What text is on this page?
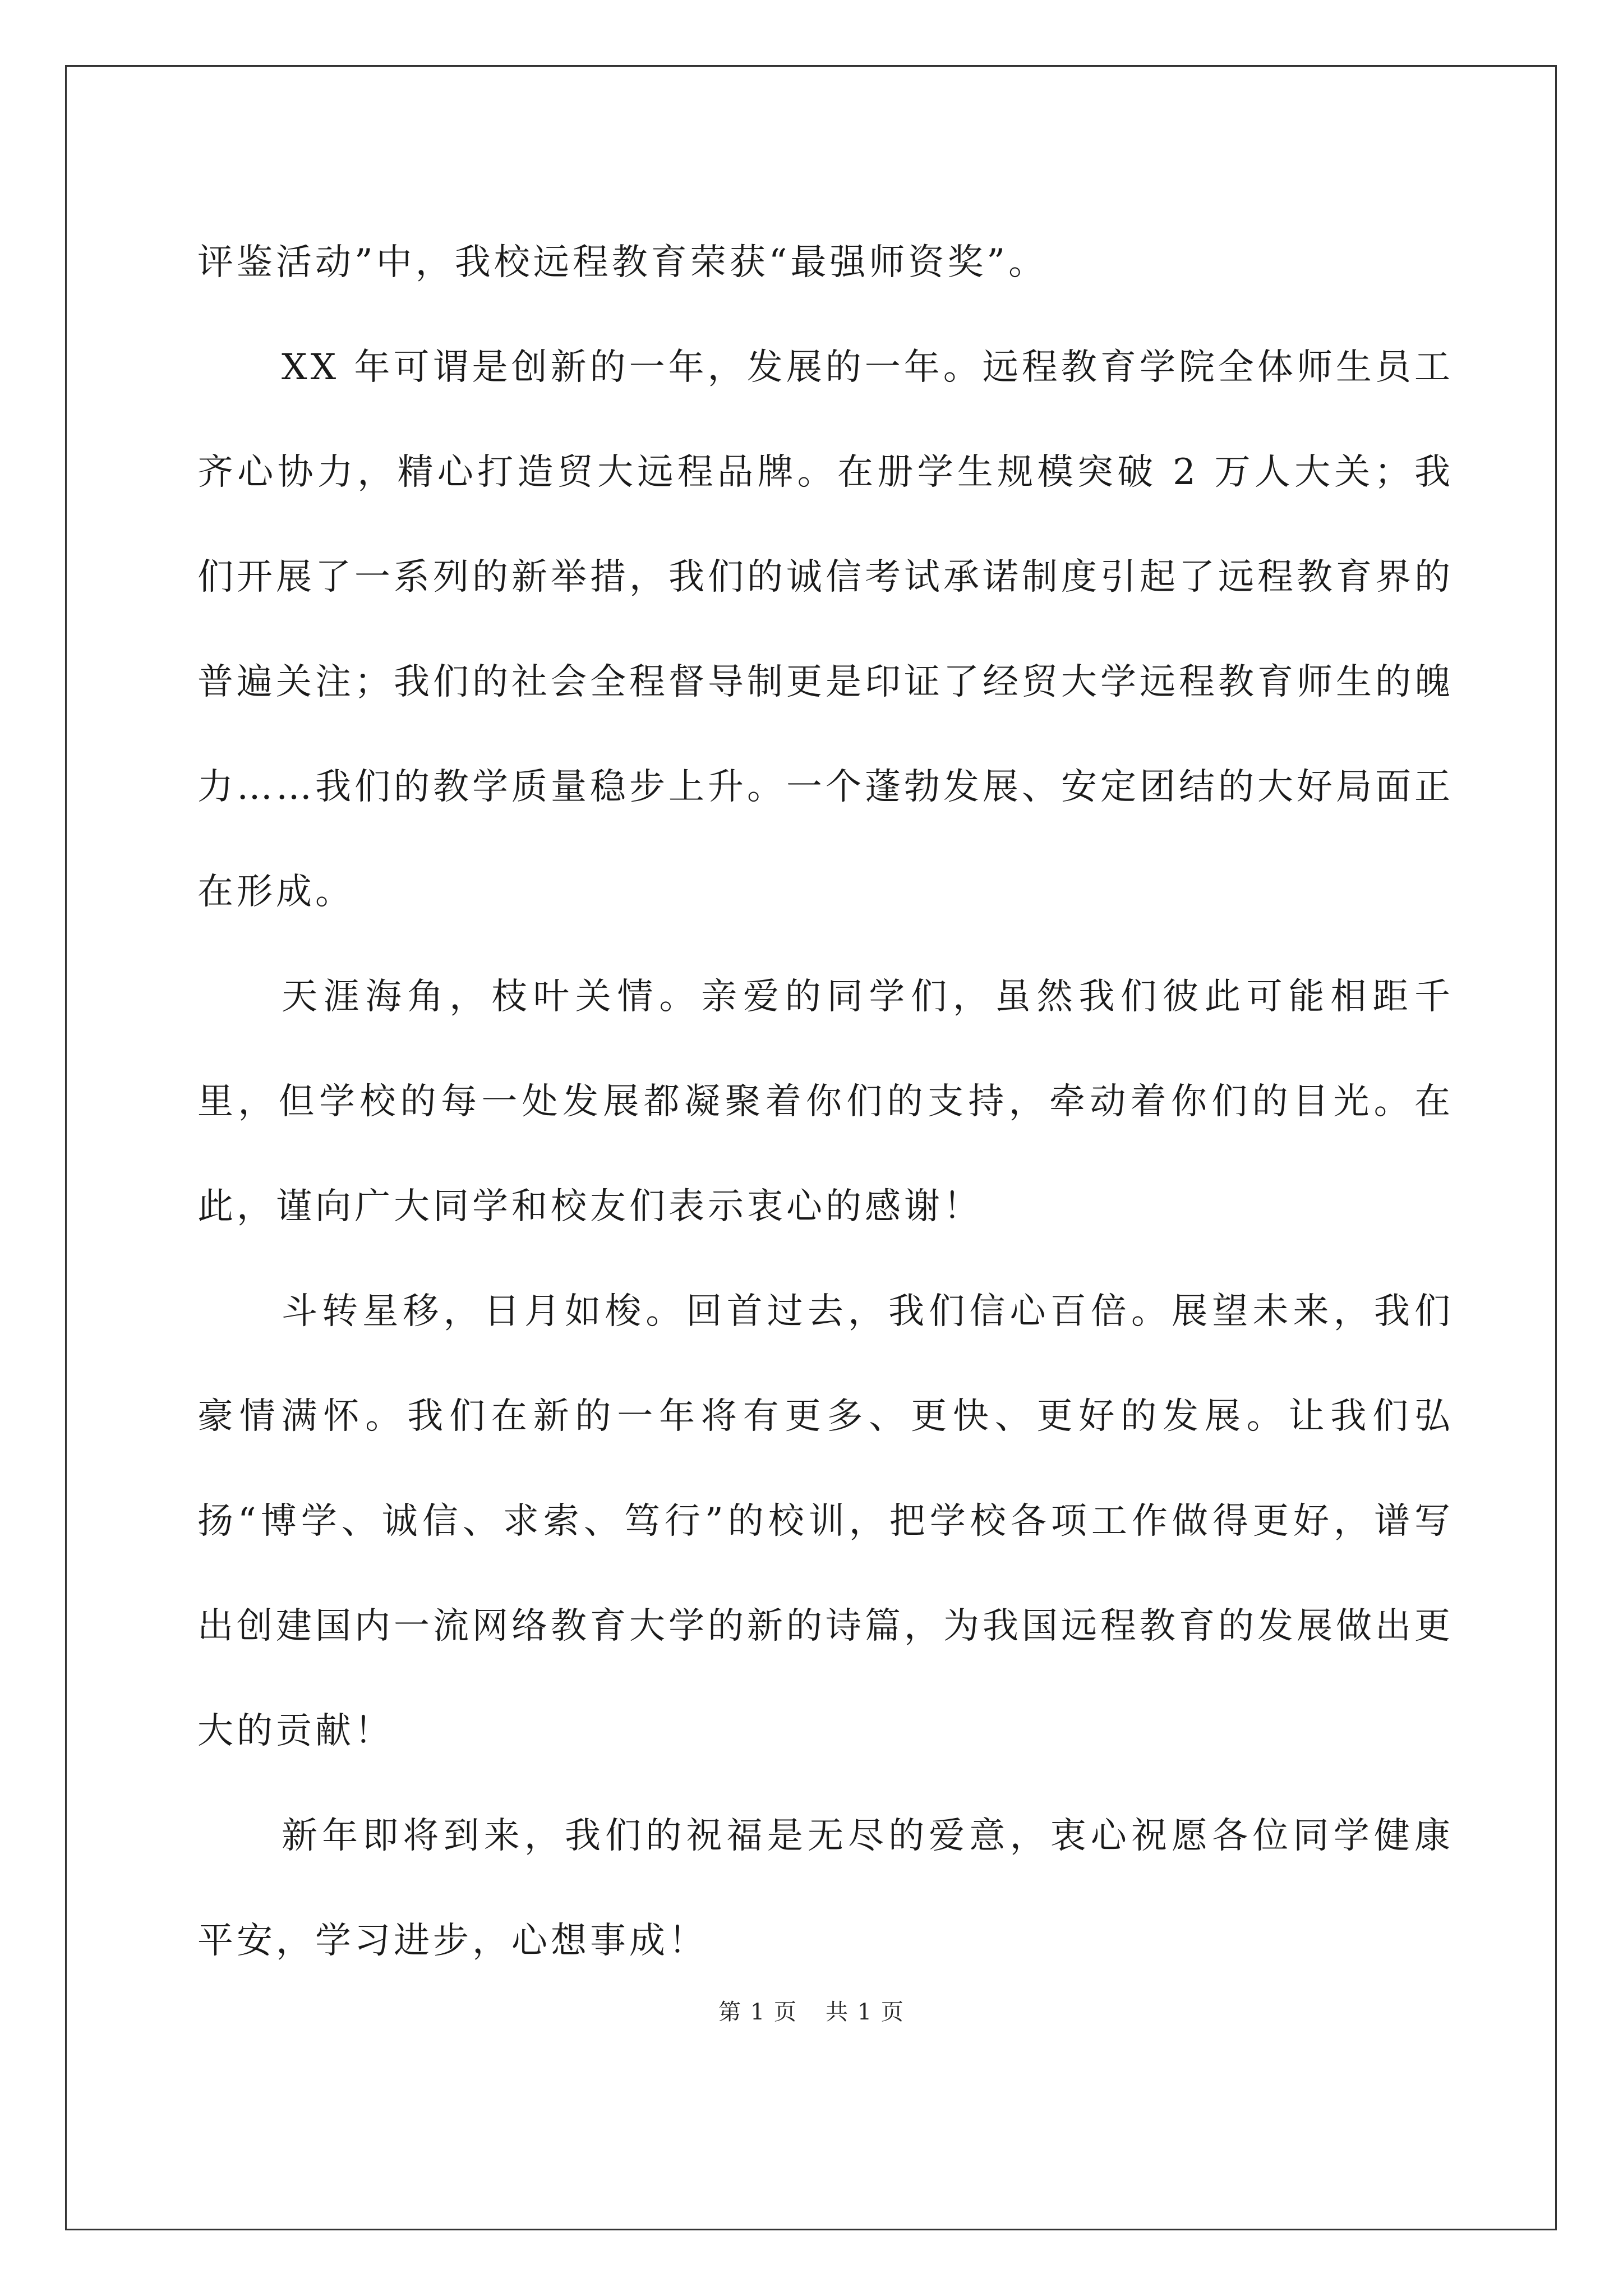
评鉴活动”中，我校远程教育荣获“最强师资奖”。

XX 年可谓是创新的一年，发展的一年。远程教育学院全体师生员工齐心协力，精心打造贸大远程品牌。在册学生规模突破 2 万人大关；我们开展了一系列的新举措，我们的诚信考试承诺制度引起了远程教育界的普遍关注；我们的社会全程督导制更是印证了经贸大学远程教育师生的魄力……我们的教学质量稳步上升。一个蓬勃发展、安定团结的大好局面正在形成。

天涯海角，枝叶关情。亲爱的同学们，虽然我们彼此可能相距千里，但学校的每一处发展都凝聚着你们的支持，牵动着你们的目光。在此，谨向广大同学和校友们表示衷心的感谢！

斗转星移，日月如梭。回首过去，我们信心百倍。展望未来，我们豪情满怀。我们在新的一年将有更多、更快、更好的发展。让我们弘扬“博学、诚信、求索、笃行”的校训，把学校各项工作做得更好，谱写出创建国内一流网络教育大学的新的诗篇，为我国远程教育的发展做出更大的贡献！

新年即将到来，我们的祝福是无尽的爱意，衷心祝愿各位同学健康平安，学习进步，心想事成！

第 1 页 共 1 页
